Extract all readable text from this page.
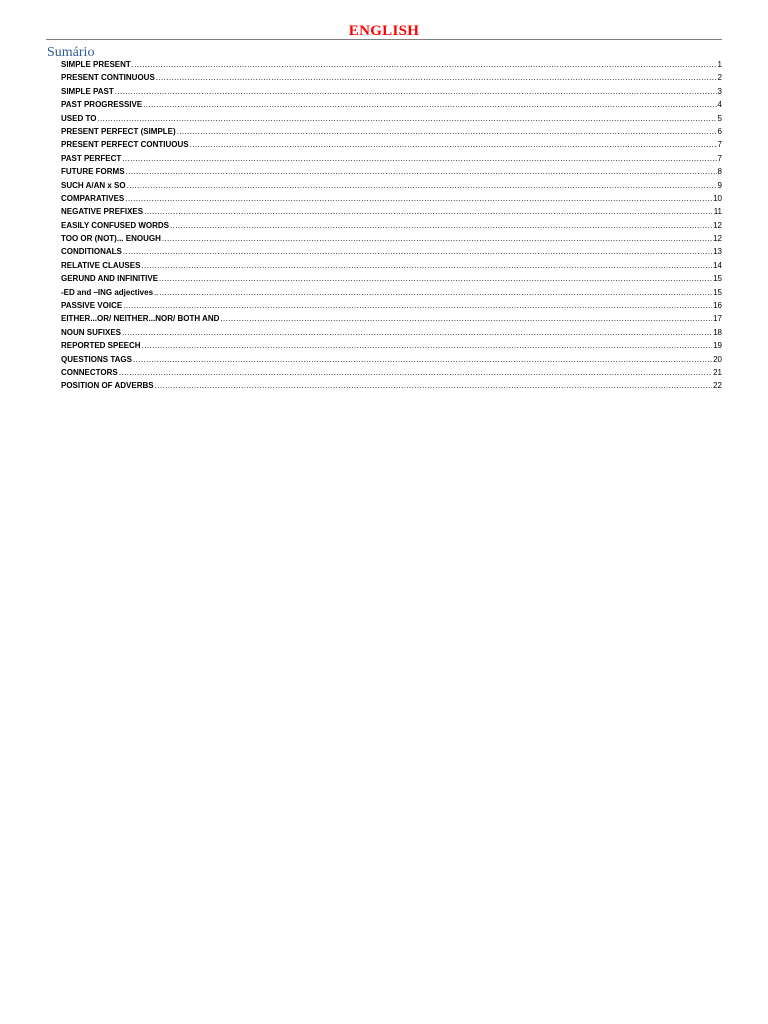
ENGLISH
Sumário
SIMPLE PRESENT .....	1
PRESENT CONTINUOUS .....	2
SIMPLE PAST .....	3
PAST PROGRESSIVE .....	4
USED TO .....	5
PRESENT PERFECT (SIMPLE) .....	6
PRESENT PERFECT CONTIUOUS .....	7
PAST PERFECT .....	7
FUTURE FORMS .....	8
SUCH A/AN x SO .....	9
COMPARATIVES .....	10
NEGATIVE PREFIXES .....	11
EASILY CONFUSED WORDS .....	12
TOO OR (NOT)... ENOUGH .....	12
CONDITIONALS .....	13
RELATIVE CLAUSES .....	14
GERUND AND INFINITIVE .....	15
-ED and –ING adjectives .....	15
PASSIVE VOICE .....	16
EITHER...OR/ NEITHER...NOR/ BOTH AND .....	17
NOUN SUFIXES .....	18
REPORTED SPEECH .....	19
QUESTIONS TAGS .....	20
CONNECTORS .....	21
POSITION OF ADVERBS .....	22
